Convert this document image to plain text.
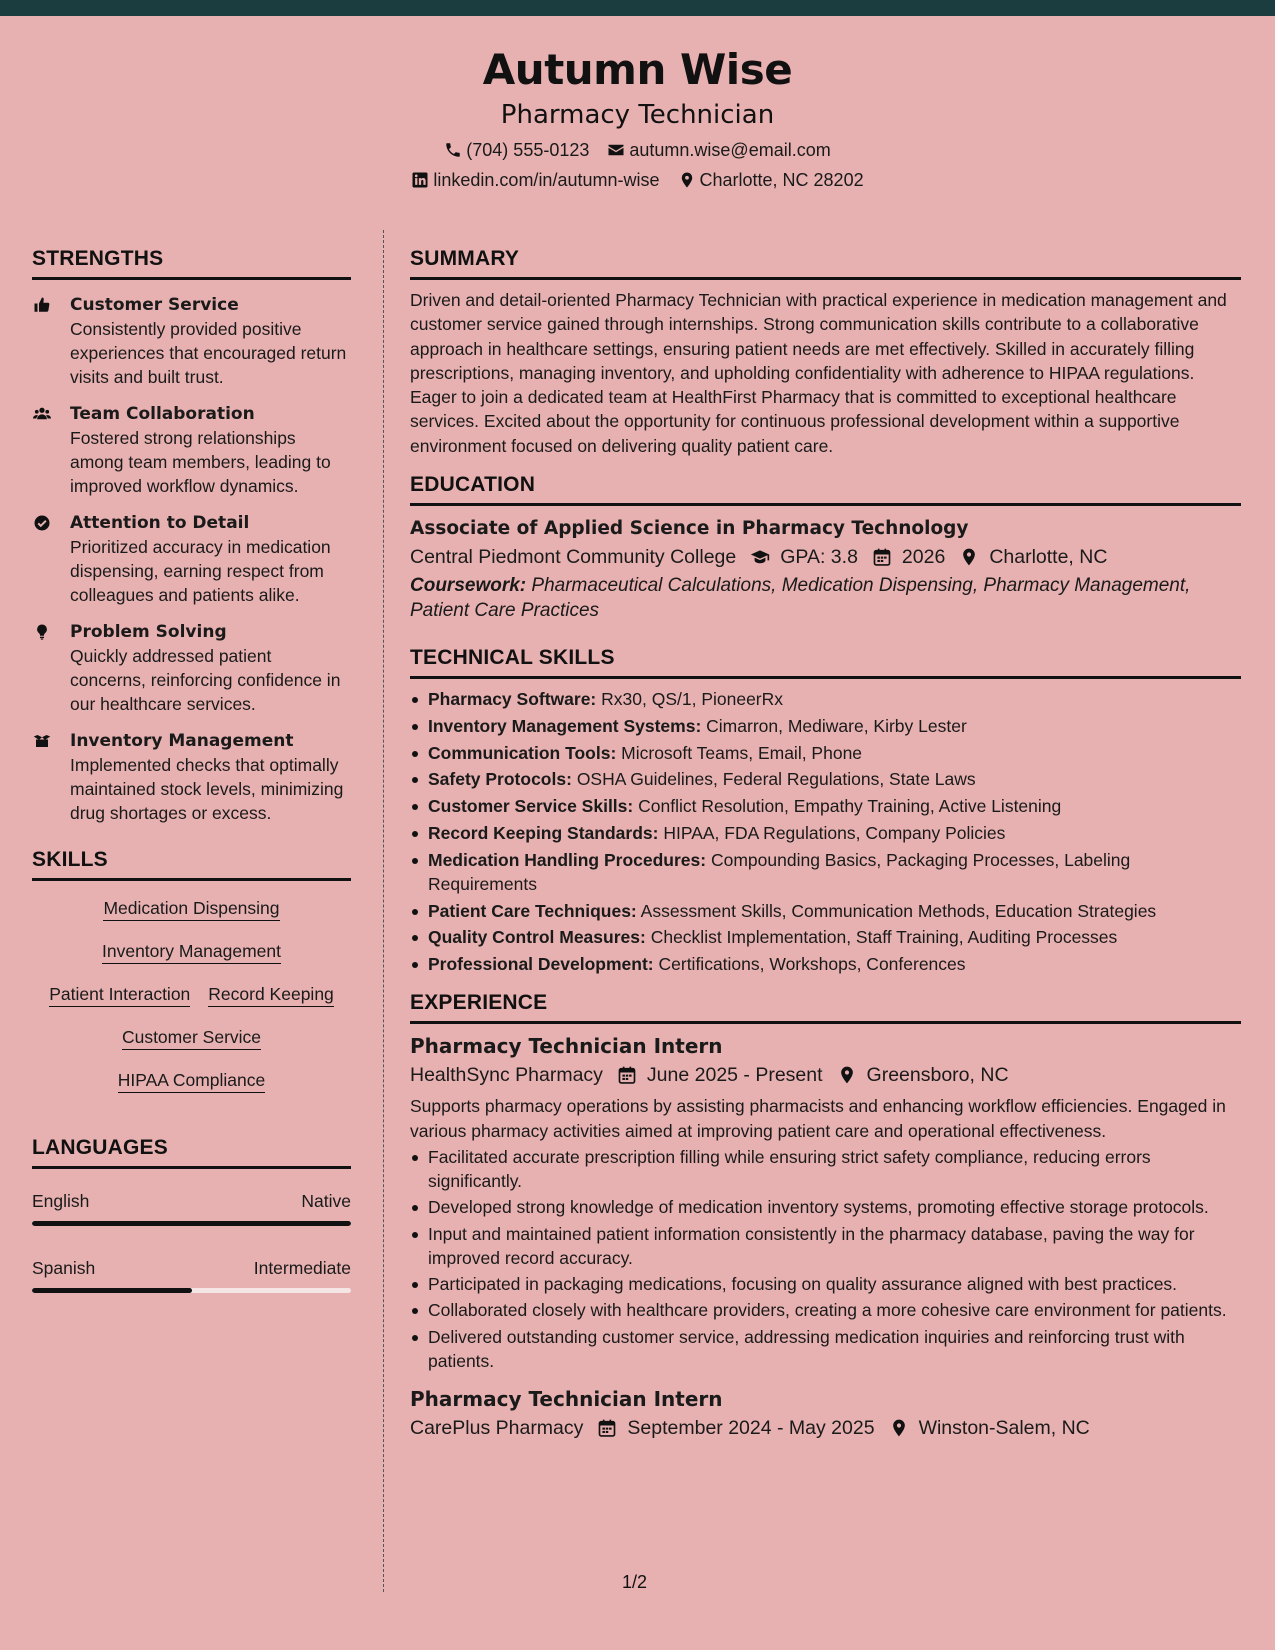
Autumn Wise
Pharmacy Technician
(704) 555-0123 autumn.wise@email.com
linkedin.com/in/autumn-wise Charlotte, NC 28202
STRENGTHS
Customer Service
Consistently provided positive experiences that encouraged return visits and built trust.
Team Collaboration
Fostered strong relationships among team members, leading to improved workflow dynamics.
Attention to Detail
Prioritized accuracy in medication dispensing, earning respect from colleagues and patients alike.
Problem Solving
Quickly addressed patient concerns, reinforcing confidence in our healthcare services.
Inventory Management
Implemented checks that optimally maintained stock levels, minimizing drug shortages or excess.
SKILLS
Medication Dispensing
Inventory Management
Patient Interaction Record Keeping
Customer Service
HIPAA Compliance
LANGUAGES
English	Native
Spanish	Intermediate
SUMMARY
Driven and detail-oriented Pharmacy Technician with practical experience in medication management and customer service gained through internships. Strong communication skills contribute to a collaborative approach in healthcare settings, ensuring patient needs are met effectively. Skilled in accurately filling prescriptions, managing inventory, and upholding confidentiality with adherence to HIPAA regulations. Eager to join a dedicated team at HealthFirst Pharmacy that is committed to exceptional healthcare services. Excited about the opportunity for continuous professional development within a supportive environment focused on delivering quality patient care.
EDUCATION
Associate of Applied Science in Pharmacy Technology
Central Piedmont Community College GPA: 3.8 2026 Charlotte, NC
Coursework: Pharmaceutical Calculations, Medication Dispensing, Pharmacy Management, Patient Care Practices
TECHNICAL SKILLS
Pharmacy Software: Rx30, QS/1, PioneerRx
Inventory Management Systems: Cimarron, Mediware, Kirby Lester
Communication Tools: Microsoft Teams, Email, Phone
Safety Protocols: OSHA Guidelines, Federal Regulations, State Laws
Customer Service Skills: Conflict Resolution, Empathy Training, Active Listening
Record Keeping Standards: HIPAA, FDA Regulations, Company Policies
Medication Handling Procedures: Compounding Basics, Packaging Processes, Labeling Requirements
Patient Care Techniques: Assessment Skills, Communication Methods, Education Strategies
Quality Control Measures: Checklist Implementation, Staff Training, Auditing Processes
Professional Development: Certifications, Workshops, Conferences
EXPERIENCE
Pharmacy Technician Intern
HealthSync Pharmacy June 2025 - Present Greensboro, NC
Supports pharmacy operations by assisting pharmacists and enhancing workflow efficiencies. Engaged in various pharmacy activities aimed at improving patient care and operational effectiveness.
Facilitated accurate prescription filling while ensuring strict safety compliance, reducing errors significantly.
Developed strong knowledge of medication inventory systems, promoting effective storage protocols.
Input and maintained patient information consistently in the pharmacy database, paving the way for improved record accuracy.
Participated in packaging medications, focusing on quality assurance aligned with best practices.
Collaborated closely with healthcare providers, creating a more cohesive care environment for patients.
Delivered outstanding customer service, addressing medication inquiries and reinforcing trust with patients.
Pharmacy Technician Intern
CarePlus Pharmacy September 2024 - May 2025 Winston-Salem, NC
1/2
